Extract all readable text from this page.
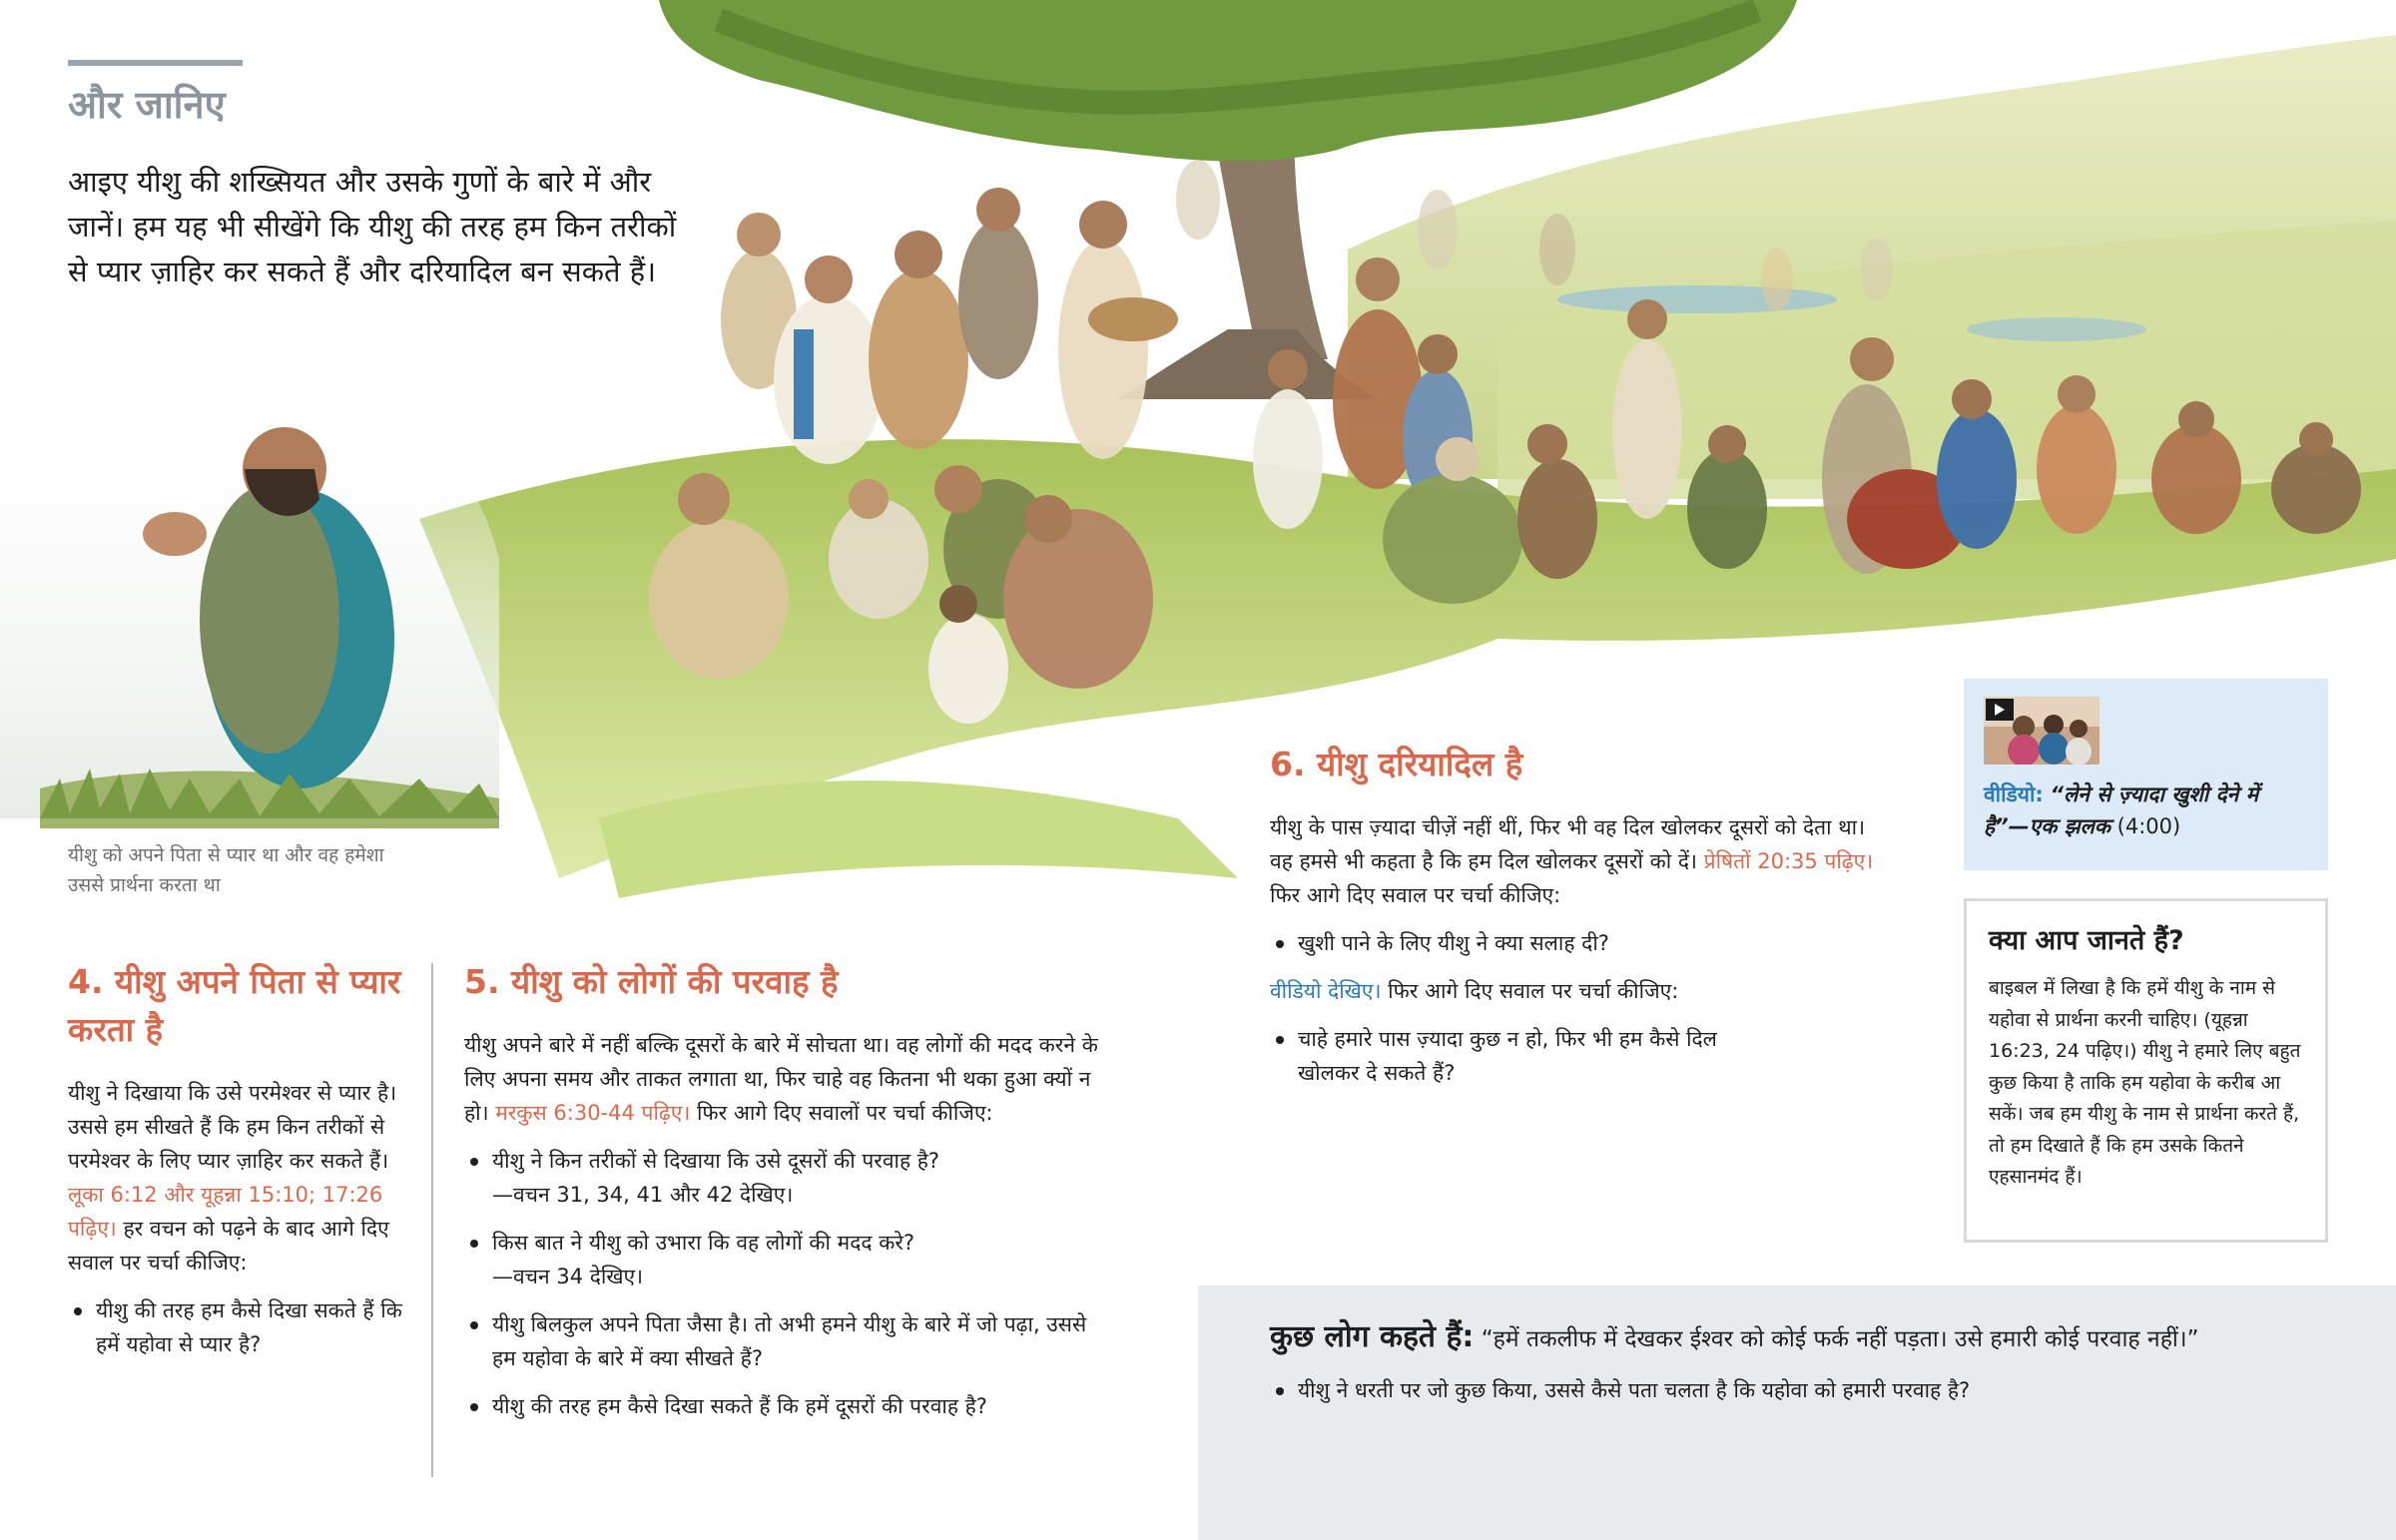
और जानिए

आइए यीशु की शख्सियत और उसके गुणों के बारे में और जानें। हम यह भी सीखेंगे कि यीशु की तरह हम किन तरीकों से प्यार ज़ाहिर कर सकते हैं और दरियादिल बन सकते हैं।

यीशु को अपने पिता से प्यार था और वह हमेशा उससे प्रार्थना करता था

4. यीशु अपने पिता से प्यार करता है

यीशु ने दिखाया कि उसे परमेश्वर से प्यार है। उससे हम सीखते हैं कि हम किन तरीकों से परमेश्वर के लिए प्यार ज़ाहिर कर सकते हैं। लूका 6:12 और यूहन्ना 15:10; 17:26 पढ़िए। हर वचन को पढ़ने के बाद आगे दिए सवाल पर चर्चा कीजिए:

यीशु की तरह हम कैसे दिखा सकते हैं कि हमें यहोवा से प्यार है?
5. यीशु को लोगों की परवाह है

यीशु अपने बारे में नहीं बल्कि दूसरों के बारे में सोचता था। वह लोगों की मदद करने के लिए अपना समय और ताकत लगाता था, फिर चाहे वह कितना भी थका हुआ क्यों न हो। मरकुस 6:30-44 पढ़िए। फिर आगे दिए सवालों पर चर्चा कीजिए:

यीशु ने किन तरीकों से दिखाया कि उसे दूसरों की परवाह है?
—वचन 31, 34, 41 और 42 देखिए।
किस बात ने यीशु को उभारा कि वह लोगों की मदद करे?
—वचन 34 देखिए।
यीशु बिलकुल अपने पिता जैसा है। तो अभी हमने यीशु के बारे में जो पढ़ा, उससे हम यहोवा के बारे में क्या सीखते हैं?
यीशु की तरह हम कैसे दिखा सकते हैं कि हमें दूसरों की परवाह है?
6. यीशु दरियादिल है

यीशु के पास ज़्यादा चीज़ें नहीं थीं, फिर भी वह दिल खोलकर दूसरों को देता था। वह हमसे भी कहता है कि हम दिल खोलकर दूसरों को दें। प्रेषितों 20:35 पढ़िए। फिर आगे दिए सवाल पर चर्चा कीजिए:

खुशी पाने के लिए यीशु ने क्या सलाह दी?

वीडियो देखिए। फिर आगे दिए सवाल पर चर्चा कीजिए:

चाहे हमारे पास ज़्यादा कुछ न हो, फिर भी हम कैसे दिल खोलकर दे सकते हैं?
वीडियो: “लेने से ज़्यादा खुशी देने में है”—एक झलक (4:00)
क्या आप जानते हैं?

बाइबल में लिखा है कि हमें यीशु के नाम से यहोवा से प्रार्थना करनी चाहिए। (यूहन्ना 16:23, 24 पढ़िए।) यीशु ने हमारे लिए बहुत कुछ किया है ताकि हम यहोवा के करीब आ सकें। जब हम यीशु के नाम से प्रार्थना करते हैं, तो हम दिखाते हैं कि हम उसके कितने एहसानमंद हैं।

कुछ लोग कहते हैं: “हमें तकलीफ में देखकर ईश्वर को कोई फर्क नहीं पड़ता। उसे हमारी कोई परवाह नहीं।”

यीशु ने धरती पर जो कुछ किया, उससे कैसे पता चलता है कि यहोवा को हमारी परवाह है?
